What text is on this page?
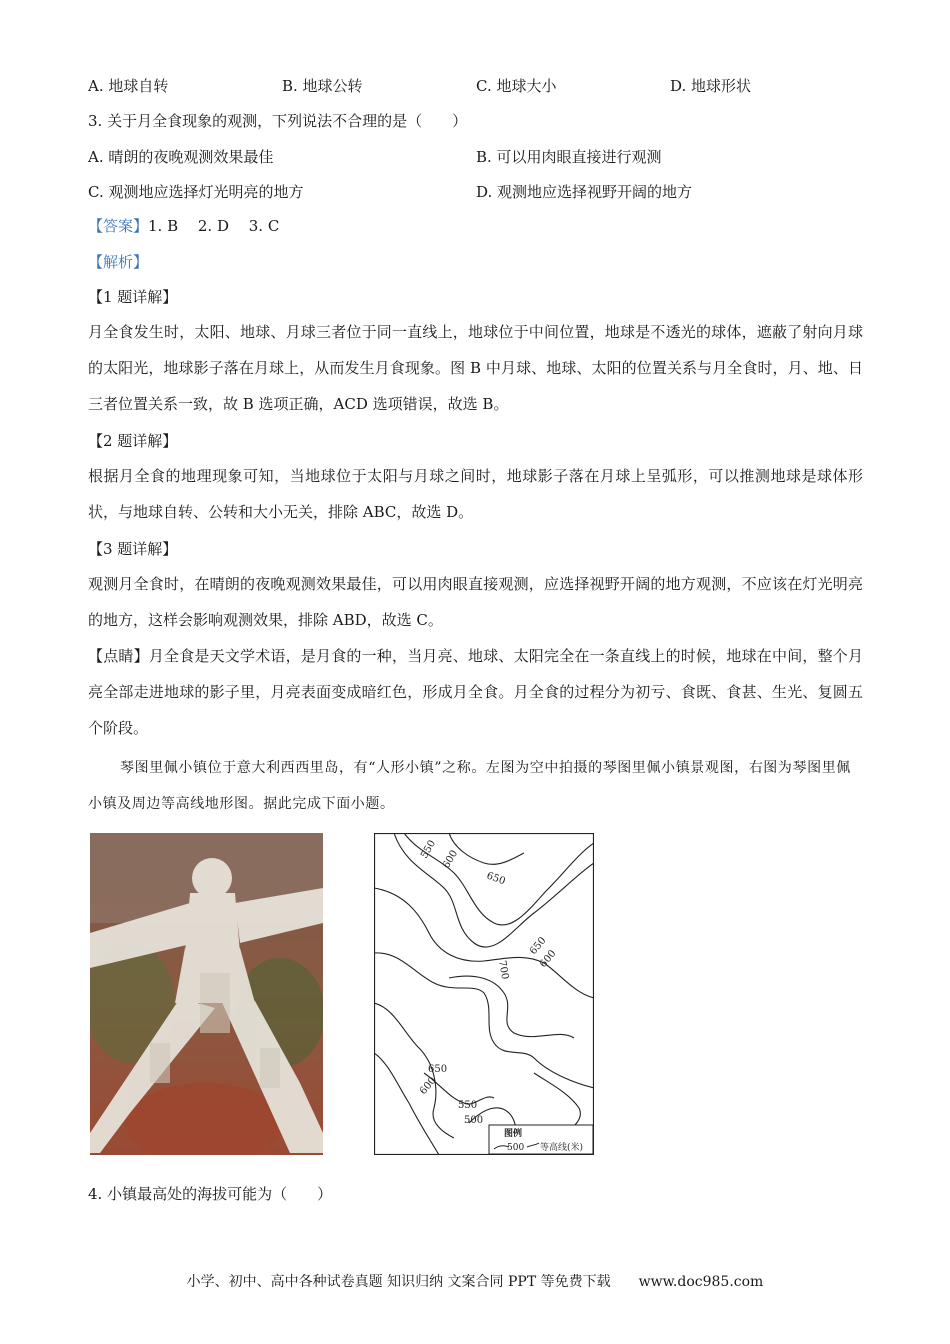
A. 地球自转	B. 地球公转	C. 地球大小	D. 地球形状
3. 关于月全食现象的观测，下列说法不合理的是（　　）
A. 晴朗的夜晚观测效果最佳	B. 可以用肉眼直接进行观测
C. 观测地应选择灯光明亮的地方	D. 观测地应选择视野开阔的地方
【答案】1. B　 2. D　 3. C
【解析】
【1 题详解】
月全食发生时，太阳、地球、月球三者位于同一直线上，地球位于中间位置，地球是不透光的球体，遮蔽了射向月球的太阳光，地球影子落在月球上，从而发生月食现象。图 B 中月球、地球、太阳的位置关系与月全食时，月、地、日三者位置关系一致，故 B 选项正确，ACD 选项错误，故选 B。
【2 题详解】
根据月全食的地理现象可知，当地球位于太阳与月球之间时，地球影子落在月球上呈弧形，可以推测地球是球体形状，与地球自转、公转和大小无关，排除 ABC，故选 D。
【3 题详解】
观测月全食时，在晴朗的夜晚观测效果最佳，可以用肉眼直接观测，应选择视野开阔的地方观测，不应该在灯光明亮的地方，这样会影响观测效果，排除 ABD，故选 C。
【点睛】月全食是天文学术语，是月食的一种，当月亮、地球、太阳完全在一条直线上的时候，地球在中间，整个月亮全部走进地球的影子里，月亮表面变成暗红色，形成月全食。月全食的过程分为初亏、食既、食甚、生光、复圆五个阶段。
琴图里佩小镇位于意大利西西里岛，有“人形小镇”之称。左图为空中拍摄的琴图里佩小镇景观图，右图为琴图里佩小镇及周边等高线地形图。据此完成下面小题。
550 600
650
650
600
700
650
600
550
500
图例
500 等高线(米)
4. 小镇最高处的海拔可能为（　　）
小学、初中、高中各种试卷真题 知识归纳 文案合同 PPT 等免费下载　　www.doc985.com
